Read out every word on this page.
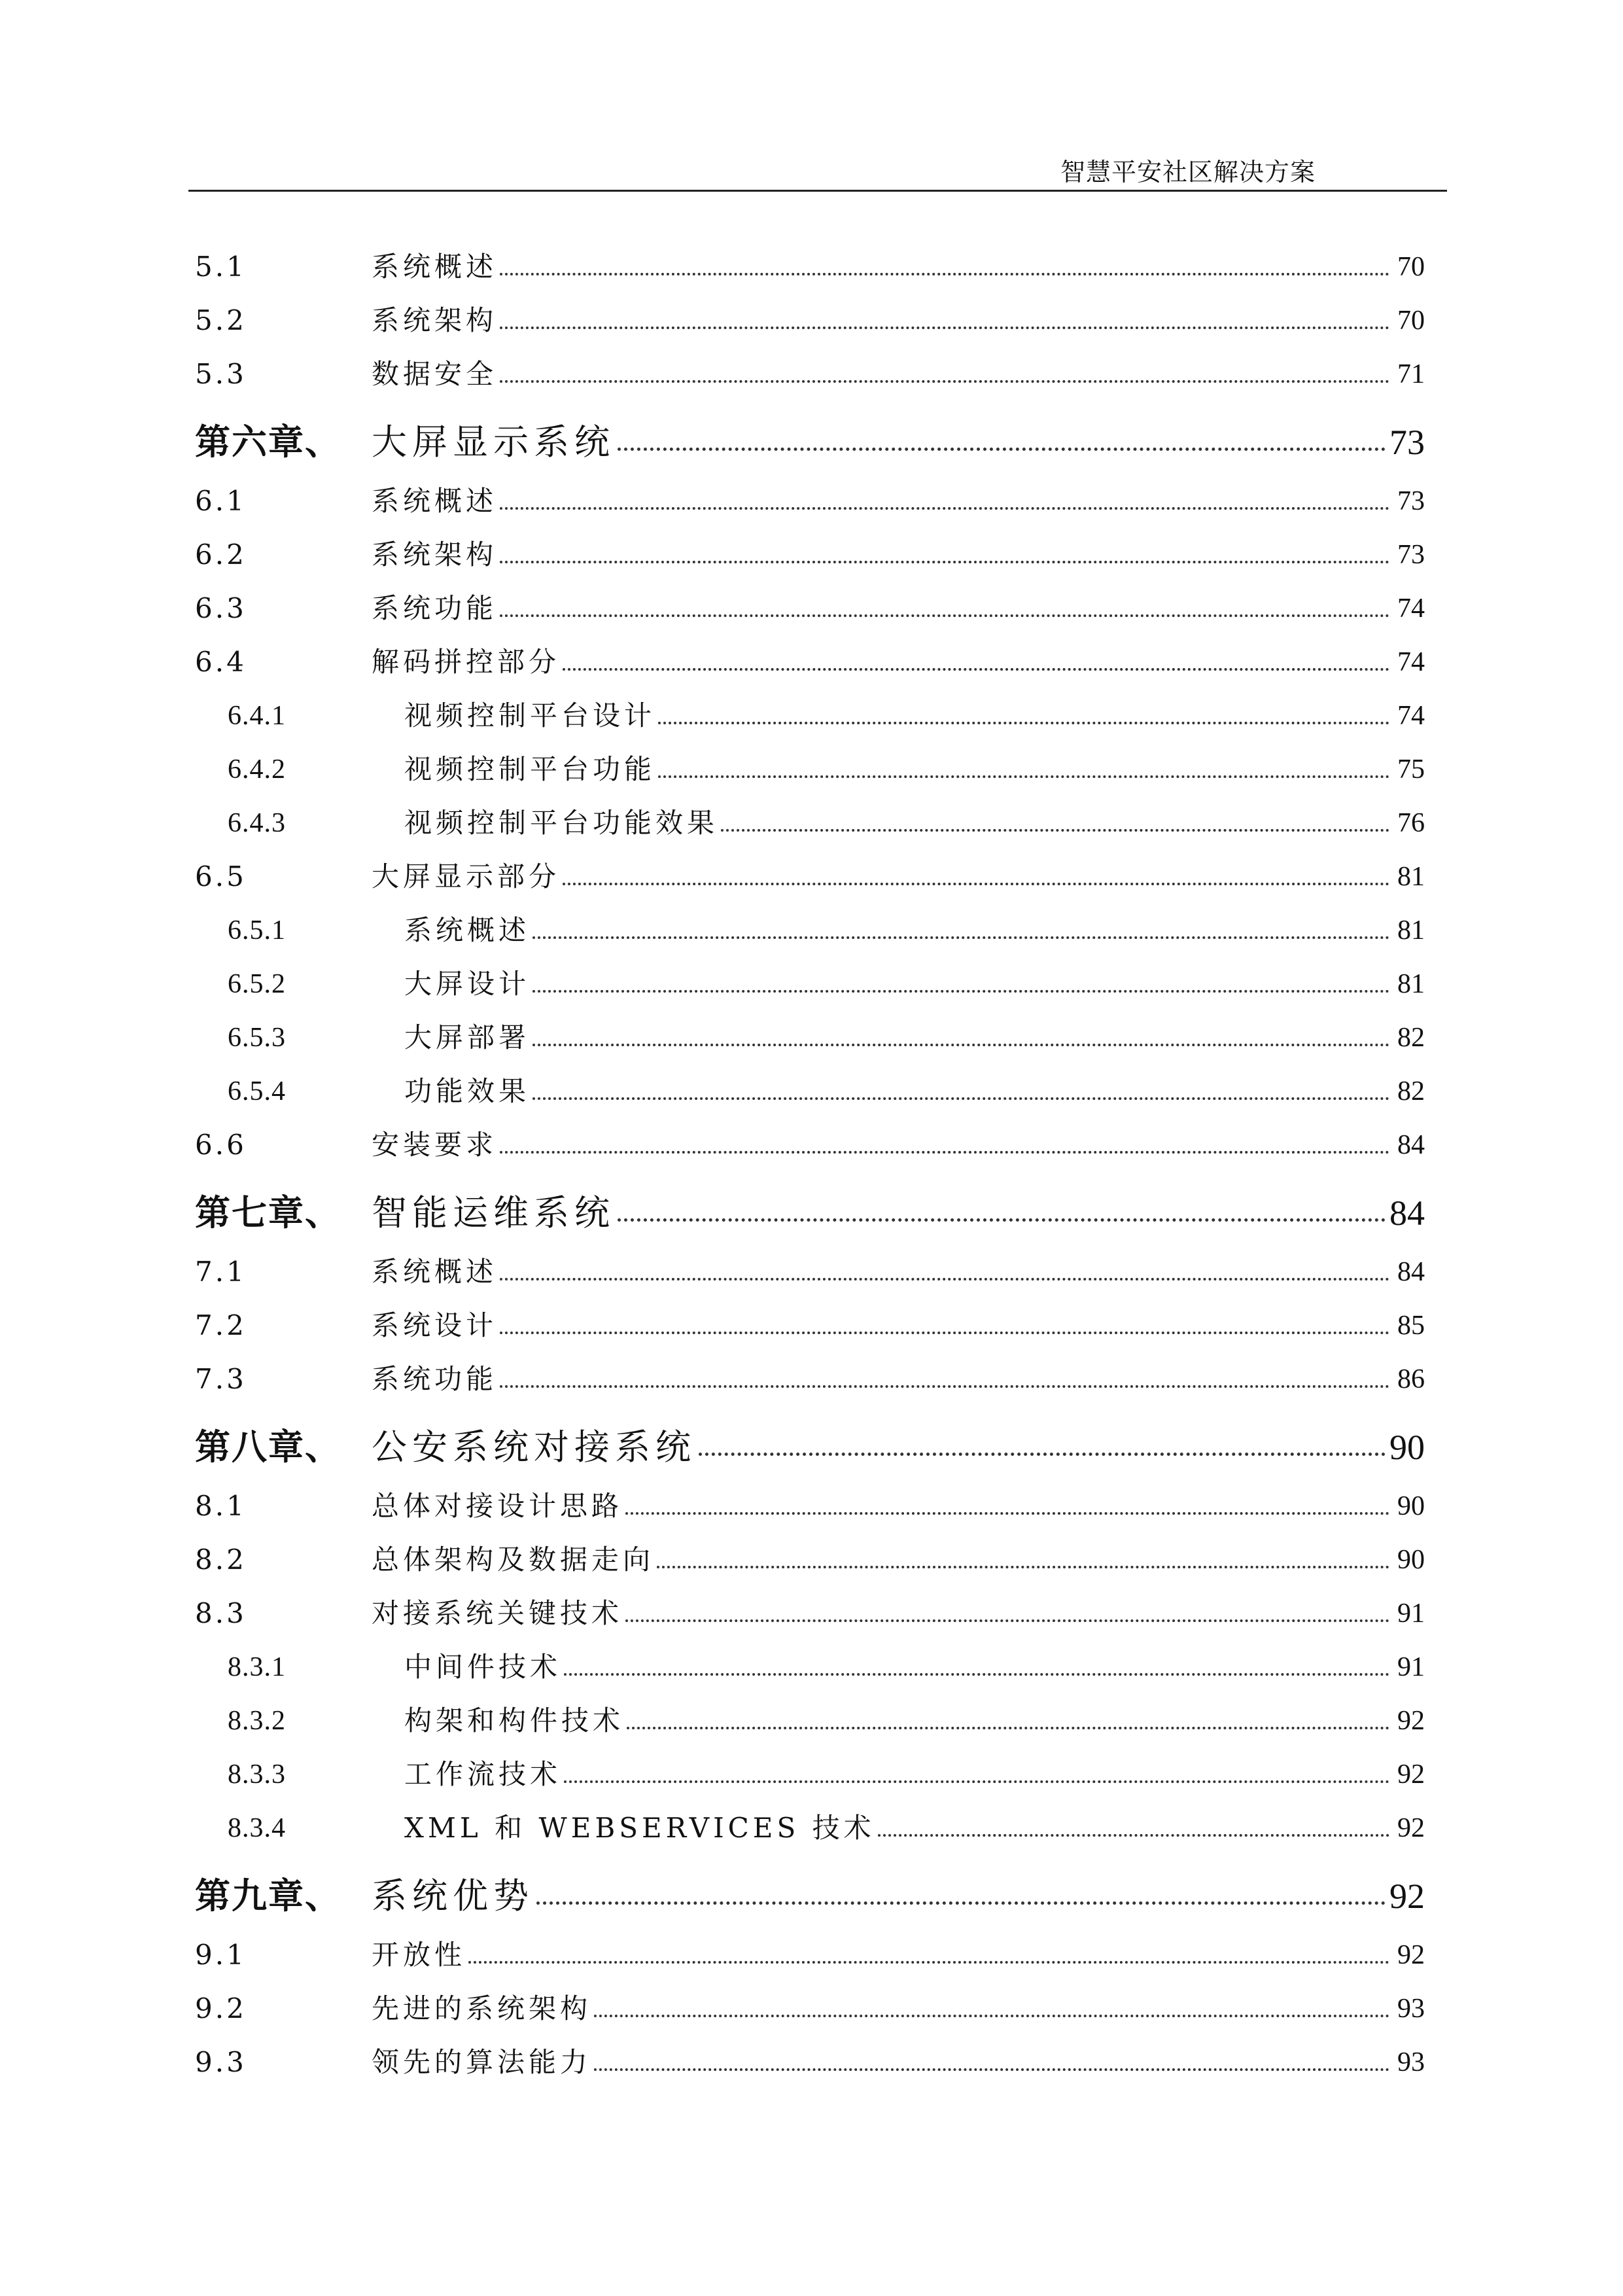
智慧平安社区解决方案
5.1	系统概述	70
5.2	系统架构	70
5.3	数据安全	71
第六章、 大屏显示系统	73
6.1	系统概述	73
6.2	系统架构	73
6.3	系统功能	74
6.4	解码拼控部分	74
6.4.1	视频控制平台设计	74
6.4.2	视频控制平台功能	75
6.4.3	视频控制平台功能效果	76
6.5	大屏显示部分	81
6.5.1	系统概述	81
6.5.2	大屏设计	81
6.5.3	大屏部署	82
6.5.4	功能效果	82
6.6	安装要求	84
第七章、 智能运维系统	84
7.1	系统概述	84
7.2	系统设计	85
7.3	系统功能	86
第八章、 公安系统对接系统	90
8.1	总体对接设计思路	90
8.2	总体架构及数据走向	90
8.3	对接系统关键技术	91
8.3.1	中间件技术	91
8.3.2	构架和构件技术	92
8.3.3	工作流技术	92
8.3.4	XML 和 WEBSERVICES 技术	92
第九章、 系统优势	92
9.1	开放性	92
9.2	先进的系统架构	93
9.3	领先的算法能力	93
